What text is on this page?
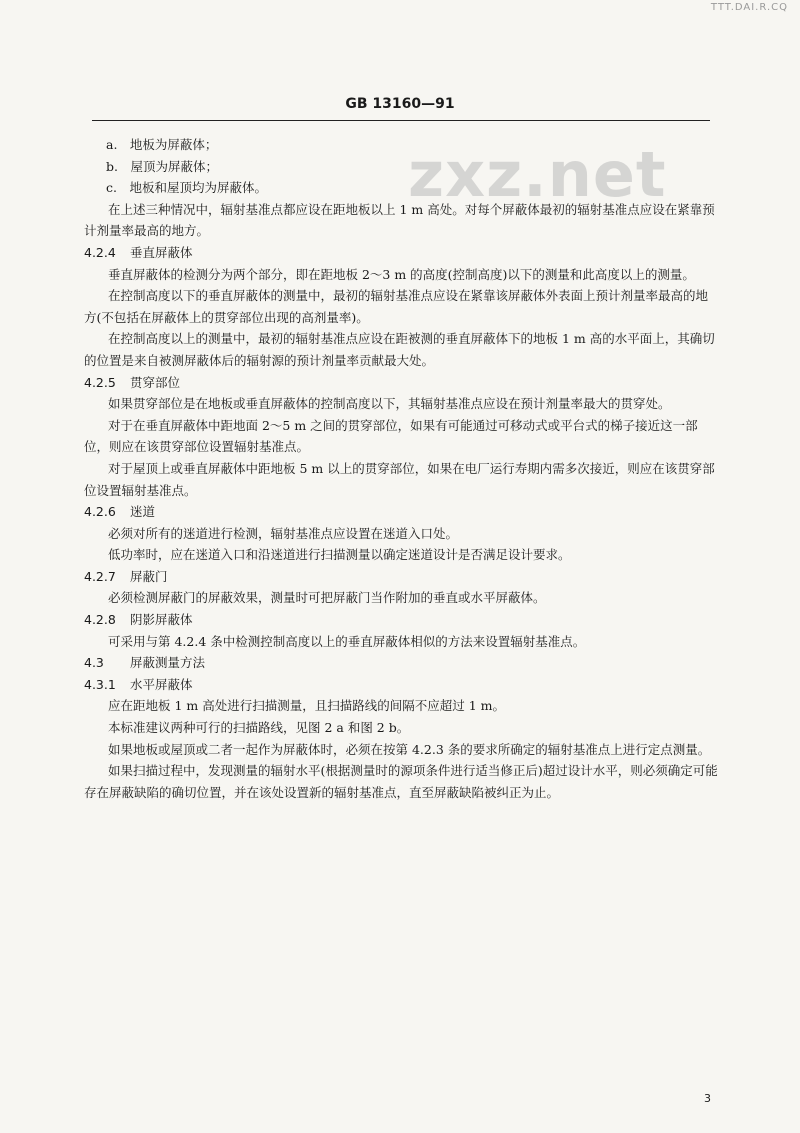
TTT.DAI.R.CQ
GB 13160—91
zxz.net

a.　地板为屏蔽体；

b.　屋顶为屏蔽体；

c.　地板和屋顶均为屏蔽体。

在上述三种情况中，辐射基准点都应设在距地板以上 1 m 高处。对每个屏蔽体最初的辐射基准点应设在紧靠预计剂量率最高的地方。

4.2.4 垂直屏蔽体

垂直屏蔽体的检测分为两个部分，即在距地板 2～3 m 的高度(控制高度)以下的测量和此高度以上的测量。

在控制高度以下的垂直屏蔽体的测量中，最初的辐射基准点应设在紧靠该屏蔽体外表面上预计剂量率最高的地方(不包括在屏蔽体上的贯穿部位出现的高剂量率)。

在控制高度以上的测量中，最初的辐射基准点应设在距被测的垂直屏蔽体下的地板 1 m 高的水平面上，其确切的位置是来自被测屏蔽体后的辐射源的预计剂量率贡献最大处。

4.2.5 贯穿部位

如果贯穿部位是在地板或垂直屏蔽体的控制高度以下，其辐射基准点应设在预计剂量率最大的贯穿处。

对于在垂直屏蔽体中距地面 2～5 m 之间的贯穿部位，如果有可能通过可移动式或平台式的梯子接近这一部位，则应在该贯穿部位设置辐射基准点。

对于屋顶上或垂直屏蔽体中距地板 5 m 以上的贯穿部位，如果在电厂运行寿期内需多次接近，则应在该贯穿部位设置辐射基准点。

4.2.6 迷道

必须对所有的迷道进行检测，辐射基准点应设置在迷道入口处。

低功率时，应在迷道入口和沿迷道进行扫描测量以确定迷道设计是否满足设计要求。

4.2.7 屏蔽门

必须检测屏蔽门的屏蔽效果，测量时可把屏蔽门当作附加的垂直或水平屏蔽体。

4.2.8 阴影屏蔽体

可采用与第 4.2.4 条中检测控制高度以上的垂直屏蔽体相似的方法来设置辐射基准点。

4.3 屏蔽测量方法

4.3.1 水平屏蔽体

应在距地板 1 m 高处进行扫描测量，且扫描路线的间隔不应超过 1 m。

本标准建议两种可行的扫描路线，见图 2 a 和图 2 b。

如果地板或屋顶或二者一起作为屏蔽体时，必须在按第 4.2.3 条的要求所确定的辐射基准点上进行定点测量。

如果扫描过程中，发现测量的辐射水平(根据测量时的源项条件进行适当修正后)超过设计水平，则必须确定可能存在屏蔽缺陷的确切位置，并在该处设置新的辐射基准点，直至屏蔽缺陷被纠正为止。

3
